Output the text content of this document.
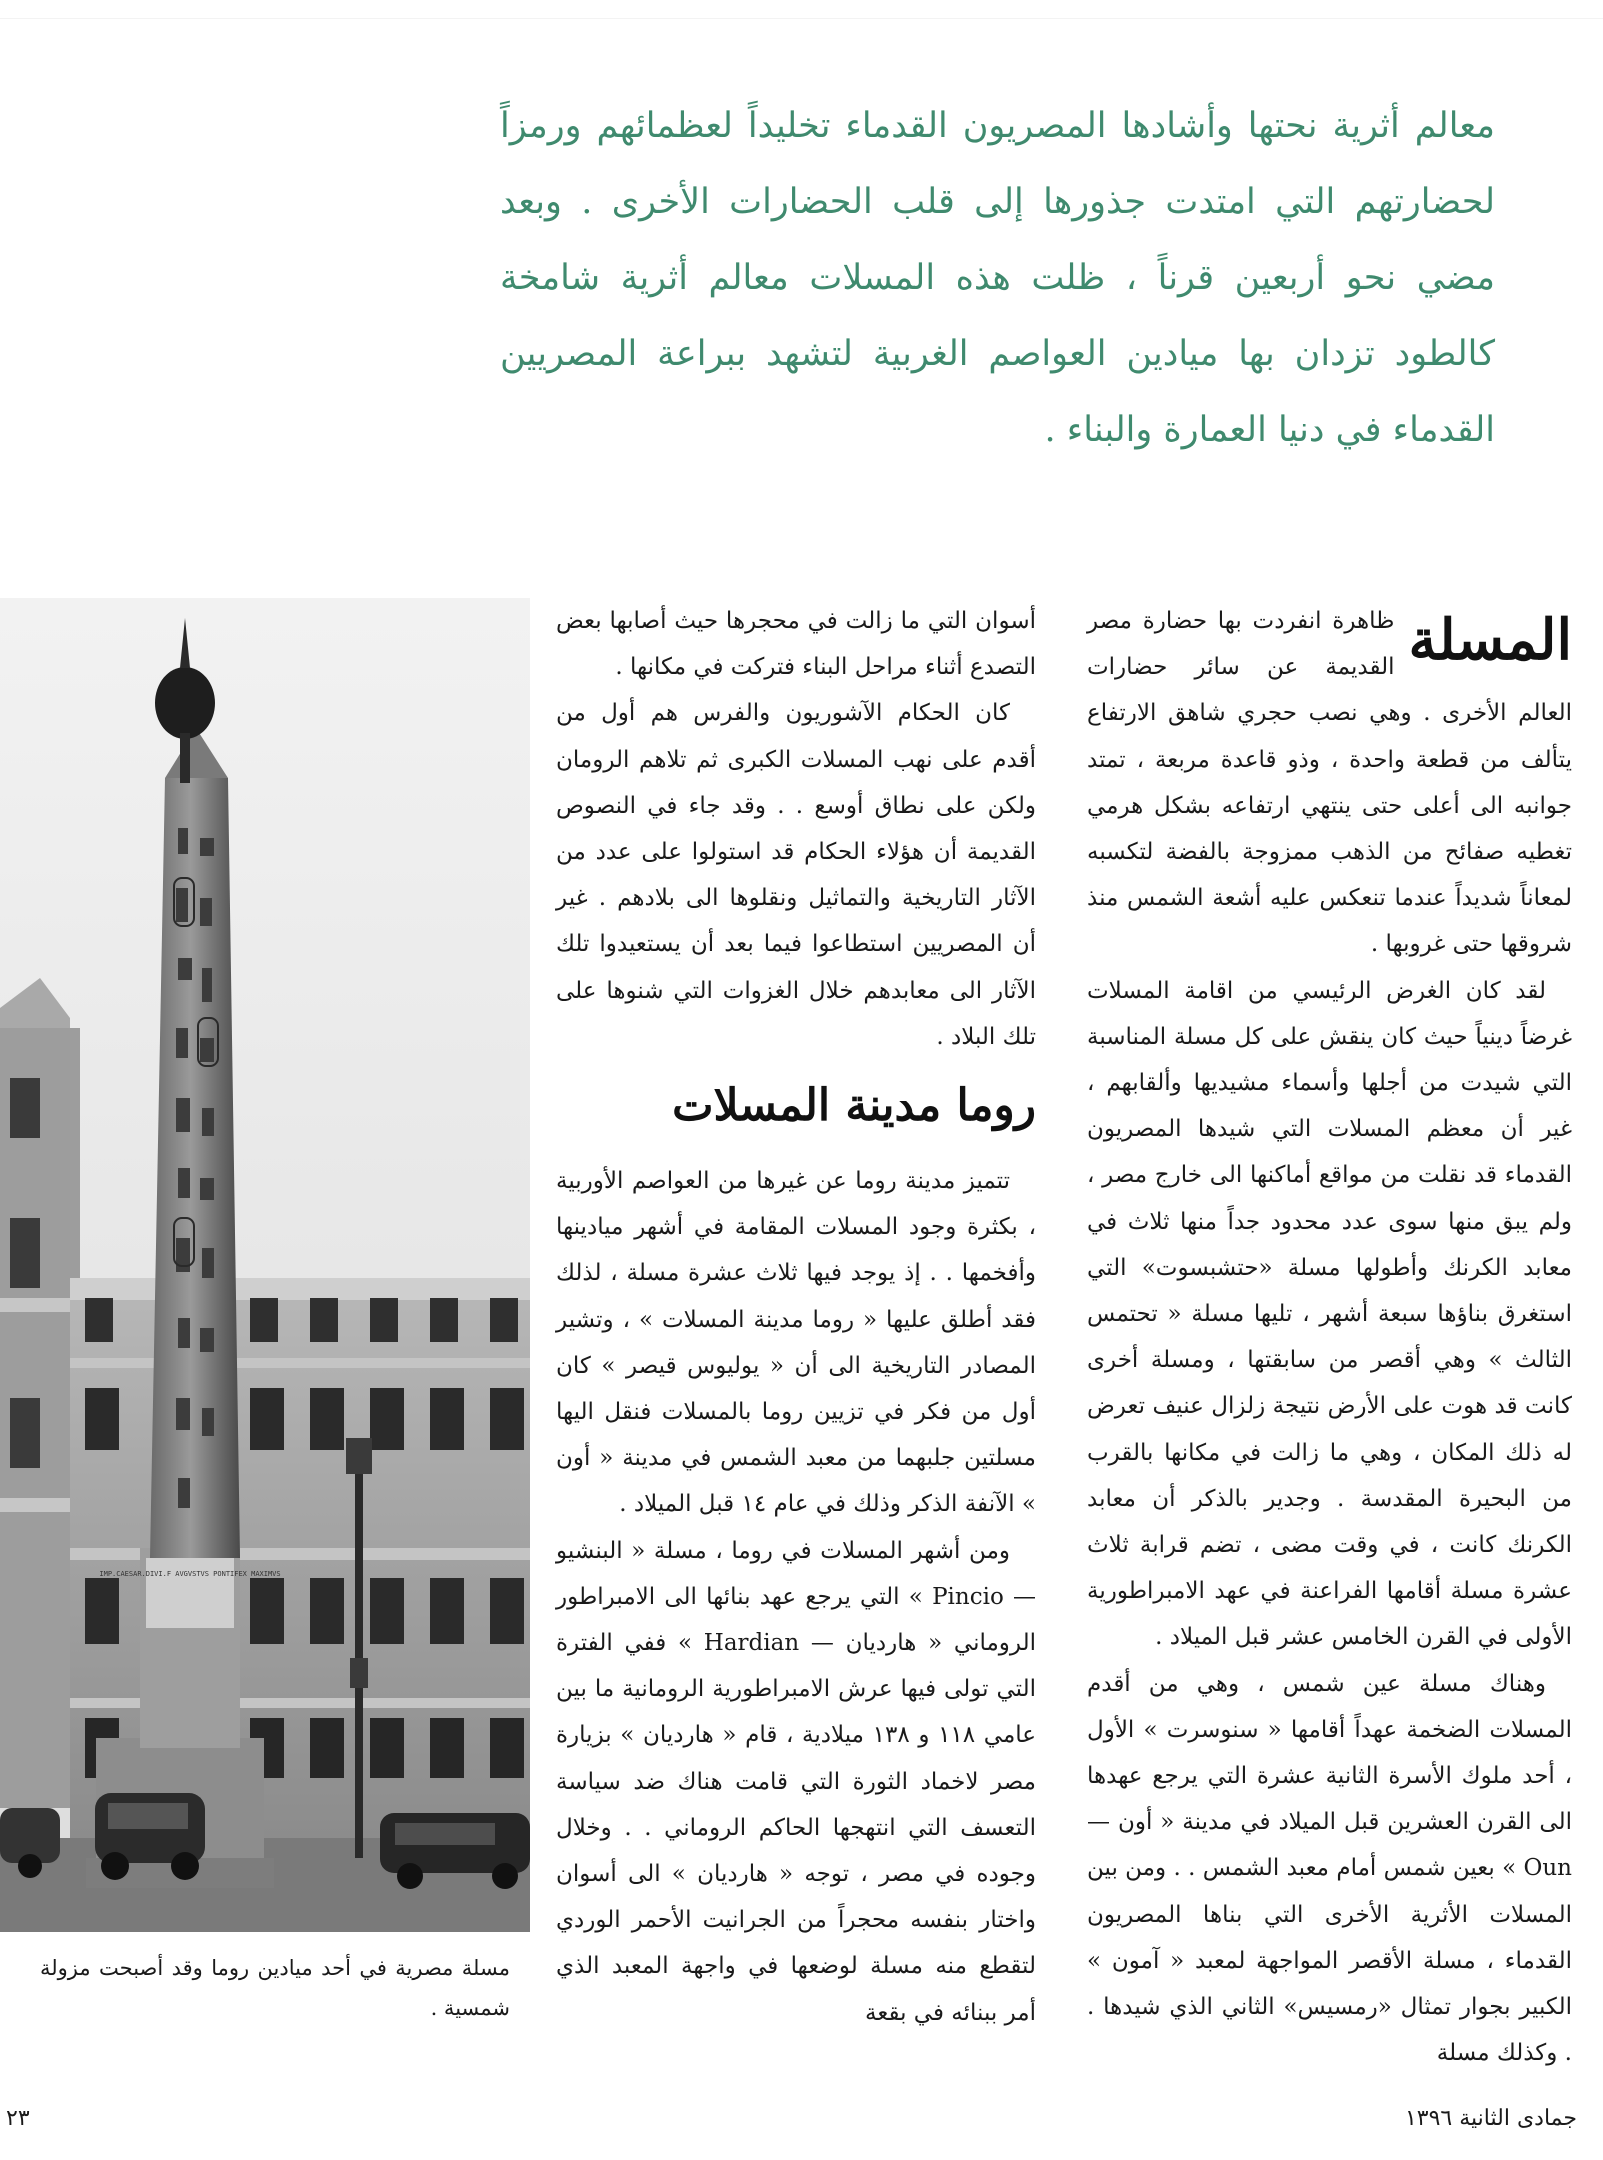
معالم أثرية نحتها وأشادها المصريون القدماء تخليداً لعظمائهم ورمزاً لحضارتهم التي امتدت جذورها إلى قلب الحضارات الأخرى . وبعد مضي نحو أربعين قرناً ، ظلت هذه المسلات معالم أثرية شامخة كالطود تزدان بها ميادين العواصم الغربية لتشهد ببراعة المصريين القدماء في دنيا العمارة والبناء .

المسلة
ظاهرة انفردت بها حضارة مصر القديمة عن سائر حضارات العالم الأخرى . وهي نصب حجري شاهق الارتفاع يتألف من قطعة واحدة ، وذو قاعدة مربعة ، تمتد جوانبه الى أعلى حتى ينتهي ارتفاعه بشكل هرمي تغطيه صفائح من الذهب ممزوجة بالفضة لتكسبه لمعاناً شديداً عندما تنعكس عليه أشعة الشمس منذ شروقها حتى غروبها .

لقد كان الغرض الرئيسي من اقامة المسلات غرضاً دينياً حيث كان ينقش على كل مسلة المناسبة التي شيدت من أجلها وأسماء مشيديها وألقابهم ، غير أن معظم المسلات التي شيدها المصريون القدماء قد نقلت من مواقع أماكنها الى خارج مصر ، ولم يبق منها سوى عدد محدود جداً منها ثلاث في معابد الكرنك وأطولها مسلة «حتشبسوت» التي استغرق بناؤها سبعة أشهر ، تليها مسلة « تحتمس الثالث » وهي أقصر من سابقتها ، ومسلة أخرى كانت قد هوت على الأرض نتيجة زلزال عنيف تعرض له ذلك المكان ، وهي ما زالت في مكانها بالقرب من البحيرة المقدسة . وجدير بالذكر أن معابد الكرنك كانت ، في وقت مضى ، تضم قرابة ثلاث عشرة مسلة أقامها الفراعنة في عهد الامبراطورية الأولى في القرن الخامس عشر قبل الميلاد .

وهناك مسلة عين شمس ، وهي من أقدم المسلات الضخمة عهداً أقامها « سنوسرت » الأول ، أحد ملوك الأسرة الثانية عشرة التي يرجع عهدها الى القرن العشرين قبل الميلاد في مدينة « أون — Oun » بعين شمس أمام معبد الشمس . . ومن بين المسلات الأثرية الأخرى التي بناها المصريون القدماء ، مسلة الأقصر المواجهة لمعبد « آمون » الكبير بجوار تمثال «رمسيس» الثاني الذي شيدها . . وكذلك مسلة

أسوان التي ما زالت في محجرها حيث أصابها بعض التصدع أثناء مراحل البناء فتركت في مكانها .

كان الحكام الآشوريون والفرس هم أول من أقدم على نهب المسلات الكبرى ثم تلاهم الرومان ولكن على نطاق أوسع . . وقد جاء في النصوص القديمة أن هؤلاء الحكام قد استولوا على عدد من الآثار التاريخية والتماثيل ونقلوها الى بلادهم . غير أن المصريين استطاعوا فيما بعد أن يستعيدوا تلك الآثار الى معابدهم خلال الغزوات التي شنوها على تلك البلاد .

روما مدينة المسلات

تتميز مدينة روما عن غيرها من العواصم الأوربية ، بكثرة وجود المسلات المقامة في أشهر ميادينها وأفخمها . . إذ يوجد فيها ثلاث عشرة مسلة ، لذلك فقد أطلق عليها « روما مدينة المسلات » ، وتشير المصادر التاريخية الى أن « يوليوس قيصر » كان أول من فكر في تزيين روما بالمسلات فنقل اليها مسلتين جلبهما من معبد الشمس في مدينة « أون » الآنفة الذكر وذلك في عام ١٤ قبل الميلاد .

ومن أشهر المسلات في روما ، مسلة « البنشيو — Pincio » التي يرجع عهد بنائها الى الامبراطور الروماني « هارديان — Hardian » ففي الفترة التي تولى فيها عرش الامبراطورية الرومانية ما بين عامي ١١٨ و ١٣٨ ميلادية ، قام « هارديان » بزيارة مصر لاخماد الثورة التي قامت هناك ضد سياسة التعسف التي انتهجها الحاكم الروماني . . وخلال وجوده في مصر ، توجه « هارديان » الى أسوان واختار بنفسه محجراً من الجرانيت الأحمر الوردي لتقطع منه مسلة لوضعها في واجهة المعبد الذي أمر ببنائه في بقعة

IMP.CAESAR.DIVI.F AVGVSTVS PONTIFEX MAXIMVS
مسلة مصرية في أحد ميادين روما وقد أصبحت مزولة شمسية .
جمادى الثانية ١٣٩٦
٢٣
